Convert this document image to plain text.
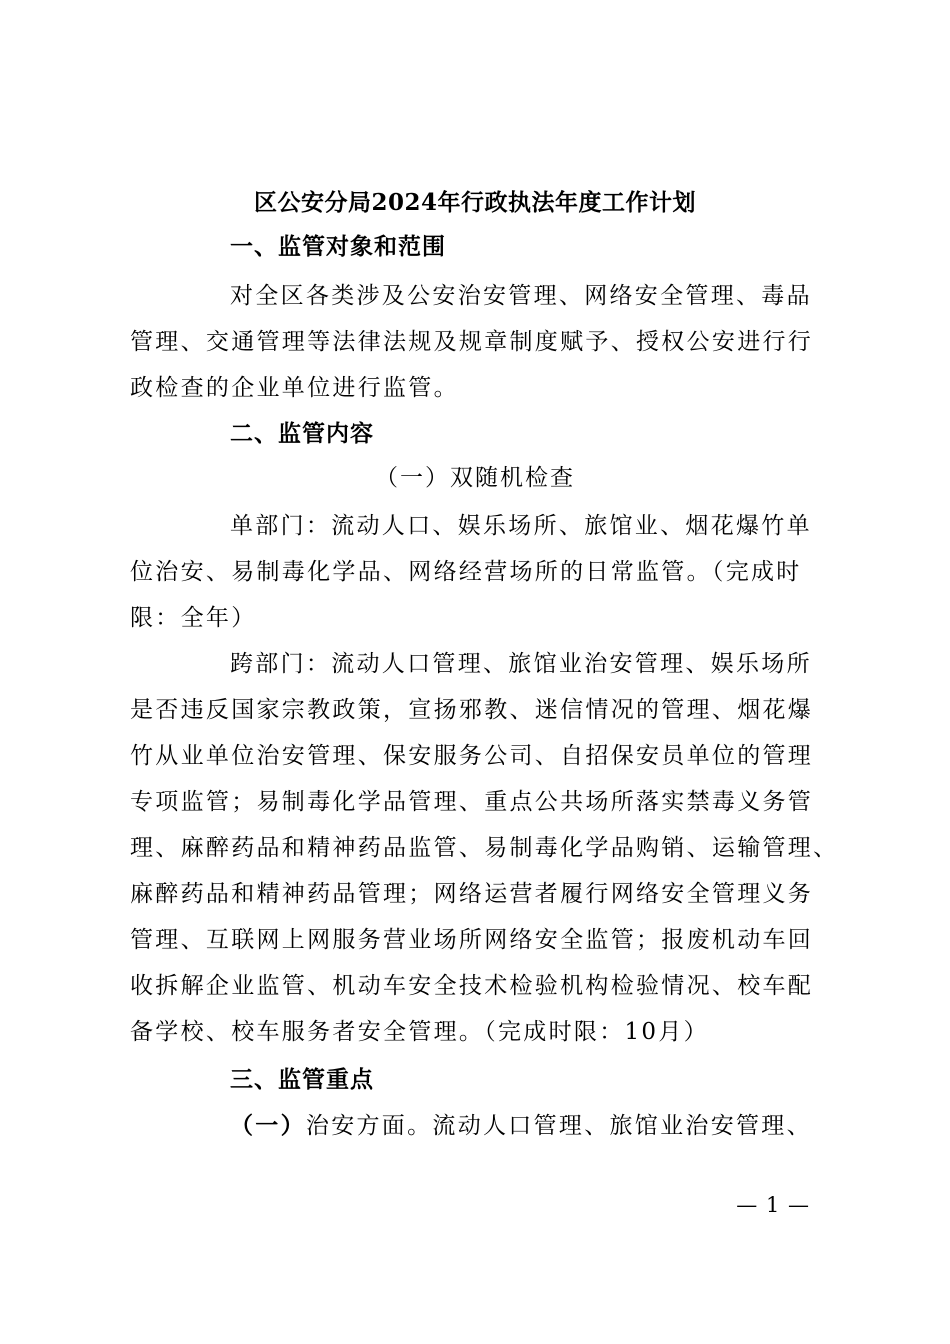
区公安分局2024年行政执法年度工作计划
一、监管对象和范围

对全区各类涉及公安治安管理、网络安全管理、毒品
管理、交通管理等法律法规及规章制度赋予、授权公安进行行
政检查的企业单位进行监管。

二、监管内容
（一）双随机检查

单部门：流动人口、娱乐场所、旅馆业、烟花爆竹单
位治安、易制毒化学品、网络经营场所的日常监管。（完成时
限：全年）

跨部门：流动人口管理、旅馆业治安管理、娱乐场所
是否违反国家宗教政策，宣扬邪教、迷信情况的管理、烟花爆
竹从业单位治安管理、保安服务公司、自招保安员单位的管理
专项监管；易制毒化学品管理、重点公共场所落实禁毒义务管
理、麻醉药品和精神药品监管、易制毒化学品购销、运输管理、
麻醉药品和精神药品管理；网络运营者履行网络安全管理义务
管理、互联网上网服务营业场所网络安全监管；报废机动车回
收拆解企业监管、机动车安全技术检验机构检验情况、校车配
备学校、校车服务者安全管理。（完成时限：10月）

三、监管重点

（一）治安方面。流动人口管理、旅馆业治安管理、

— 1 —
